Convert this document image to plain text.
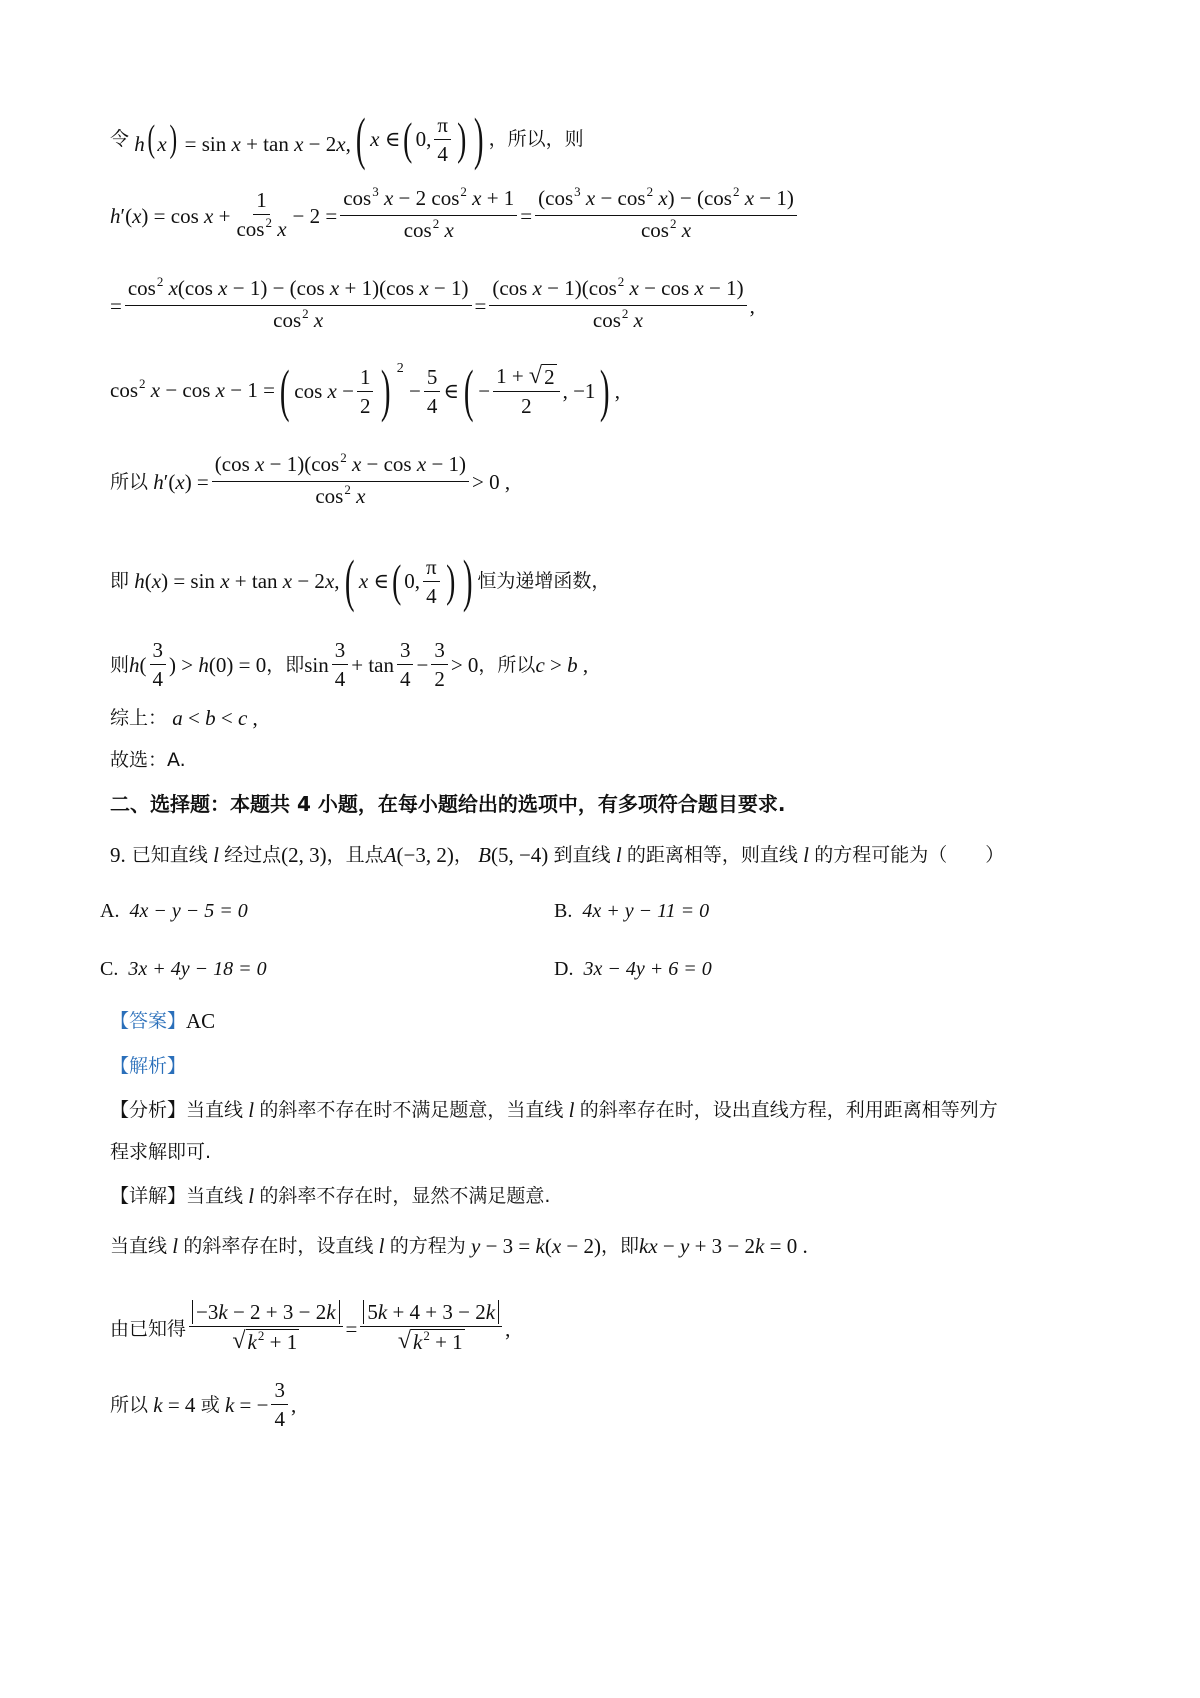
令 h( x) = sin x + tan x − 2x, ( x ∈ ( 0, $\frac{\pi}{4}$ ) ) ，所以，则
$h'(x) = \cos x + \frac{1}{\cos^2 x} - 2 = \frac{\cos^3 x - 2 \cos^2 x + 1}{\cos^2 x} = \frac{(\cos^3 x - \cos^2 x) - (\cos^2 x - 1)}{\cos^2 x}$
= $\frac{\cos^2 x(\cos x - 1) - (\cos x + 1)(\cos x - 1)}{\cos^2 x} = \frac{(\cos x - 1)(\cos^2 x - \cos x - 1)}{\cos^2 x}$ ,
$\cos^2 x - \cos x - 1$ = ( $\cos x - \frac{1}{2}$ ) 2
− $\frac{5}{4}$ ∈ ( − $\frac{1 + √ 2}{2}$ , −1 ) ,
所以 $h'(x) = \frac{(\cos x - 1)(\cos^2 x - \cos x - 1)}{\cos^2 x} > 0$ ,
即 h(x) = sin x + tan x − 2x, ( x ∈ ( 0, $\frac{\pi}{4}$ ) ) 恒为递增函数，
则 $h( \frac{3}{4}$ ) > h(0) = 0 ，即 $\sin \frac{3}{4} + \tan \frac{3}{4} - \frac{3}{2} > 0$ ，所以 c > b ,
综上： a < b < c ,
故选：A.
二、选择题：本题共 4 小题，在每小题给出的选项中，有多项符合题目要求.
9.
已知直线 l 经过点 (2, 3) ，且点 A(−3, 2) ， B(5, −4) 到直线 l 的距离相等，则直线 l 的方程可能为（　　）
A. 4x − y − 5 = 0	B. 4x + y − 11 = 0
C. 3x + 4y − 18 = 0	D. 3x − 4y + 6 = 0
【答案】 AC
【解析】
【分析】 当直线 l 的斜率不存在时不满足题意，当直线 l 的斜率存在时，设出直线方程，利用距离相等列方
程求解即可.
【详解】 当直线 l 的斜率不存在时，显然不满足题意.
当直线 l 的斜率存在时，设直线 l 的方程为 y − 3 = k(x − 2) ，即 kx − y + 3 − 2k = 0 .
由已知得 $\frac{-3k - 2 + 3 - 2k}{√ k^2 + 1} = \frac{5k + 4 + 3 - 2k}{√ k^2 + 1}$ ,
所以 k = 4 或 k = − $\frac{3}{4}$ ,
